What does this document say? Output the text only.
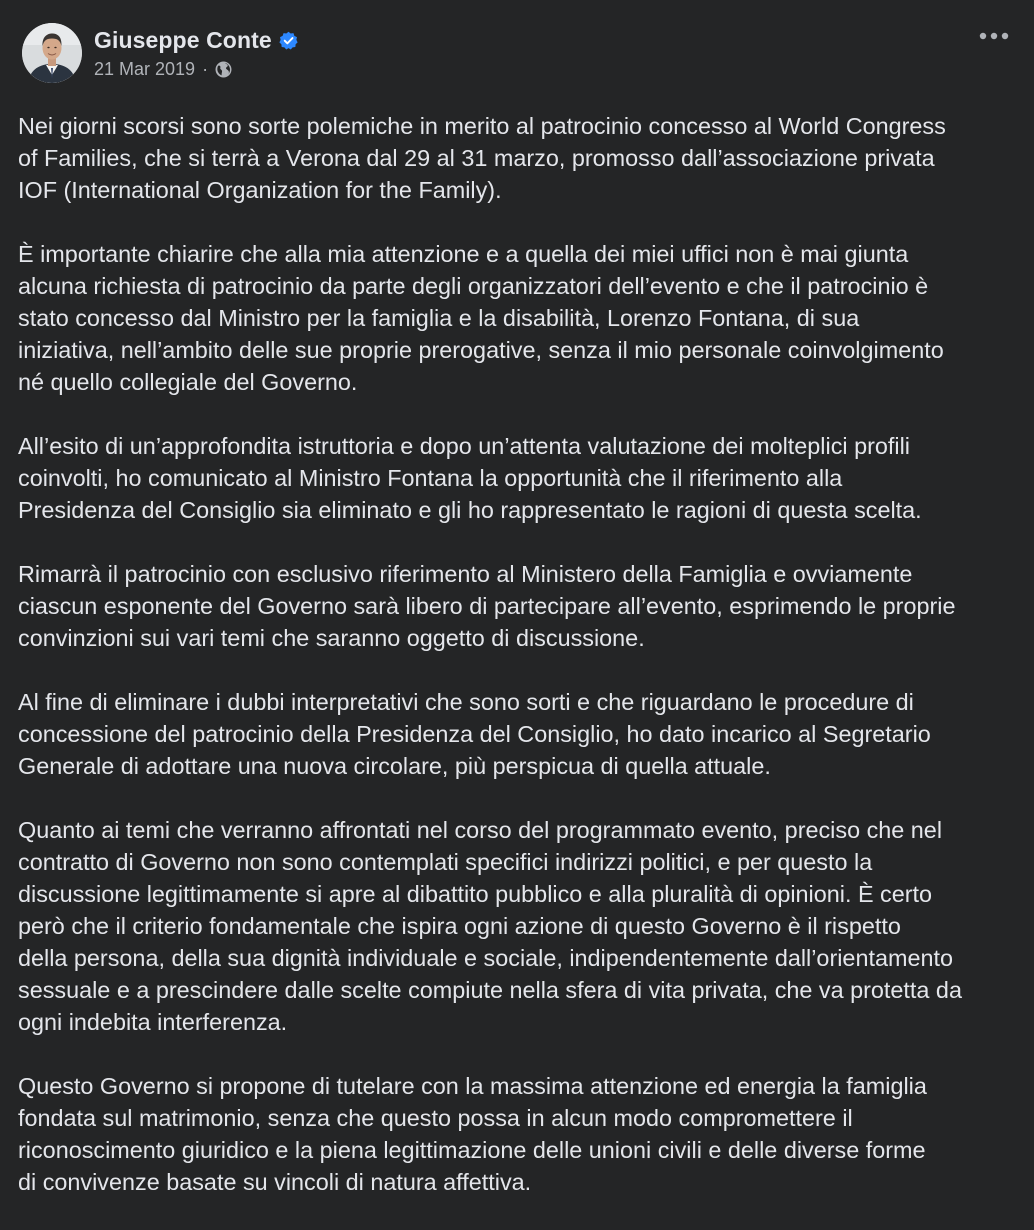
Giuseppe Conte
21 Mar 2019 ·

Nei giorni scorsi sono sorte polemiche in merito al patrocinio concesso al World Congress
of Families, che si terrà a Verona dal 29 al 31 marzo, promosso dall’associazione privata
IOF (International Organization for the Family).

È importante chiarire che alla mia attenzione e a quella dei miei uffici non è mai giunta
alcuna richiesta di patrocinio da parte degli organizzatori dell’evento e che il patrocinio è
stato concesso dal Ministro per la famiglia e la disabilità, Lorenzo Fontana, di sua
iniziativa, nell’ambito delle sue proprie prerogative, senza il mio personale coinvolgimento
né quello collegiale del Governo.

All’esito di un’approfondita istruttoria e dopo un’attenta valutazione dei molteplici profili
coinvolti, ho comunicato al Ministro Fontana la opportunità che il riferimento alla
Presidenza del Consiglio sia eliminato e gli ho rappresentato le ragioni di questa scelta.

Rimarrà il patrocinio con esclusivo riferimento al Ministero della Famiglia e ovviamente
ciascun esponente del Governo sarà libero di partecipare all’evento, esprimendo le proprie
convinzioni sui vari temi che saranno oggetto di discussione.

Al fine di eliminare i dubbi interpretativi che sono sorti e che riguardano le procedure di
concessione del patrocinio della Presidenza del Consiglio, ho dato incarico al Segretario
Generale di adottare una nuova circolare, più perspicua di quella attuale.

Quanto ai temi che verranno affrontati nel corso del programmato evento, preciso che nel
contratto di Governo non sono contemplati specifici indirizzi politici, e per questo la
discussione legittimamente si apre al dibattito pubblico e alla pluralità di opinioni. È certo
però che il criterio fondamentale che ispira ogni azione di questo Governo è il rispetto
della persona, della sua dignità individuale e sociale, indipendentemente dall’orientamento
sessuale e a prescindere dalle scelte compiute nella sfera di vita privata, che va protetta da
ogni indebita interferenza.

Questo Governo si propone di tutelare con la massima attenzione ed energia la famiglia
fondata sul matrimonio, senza che questo possa in alcun modo compromettere il
riconoscimento giuridico e la piena legittimazione delle unioni civili e delle diverse forme
di convivenze basate su vincoli di natura affettiva.
